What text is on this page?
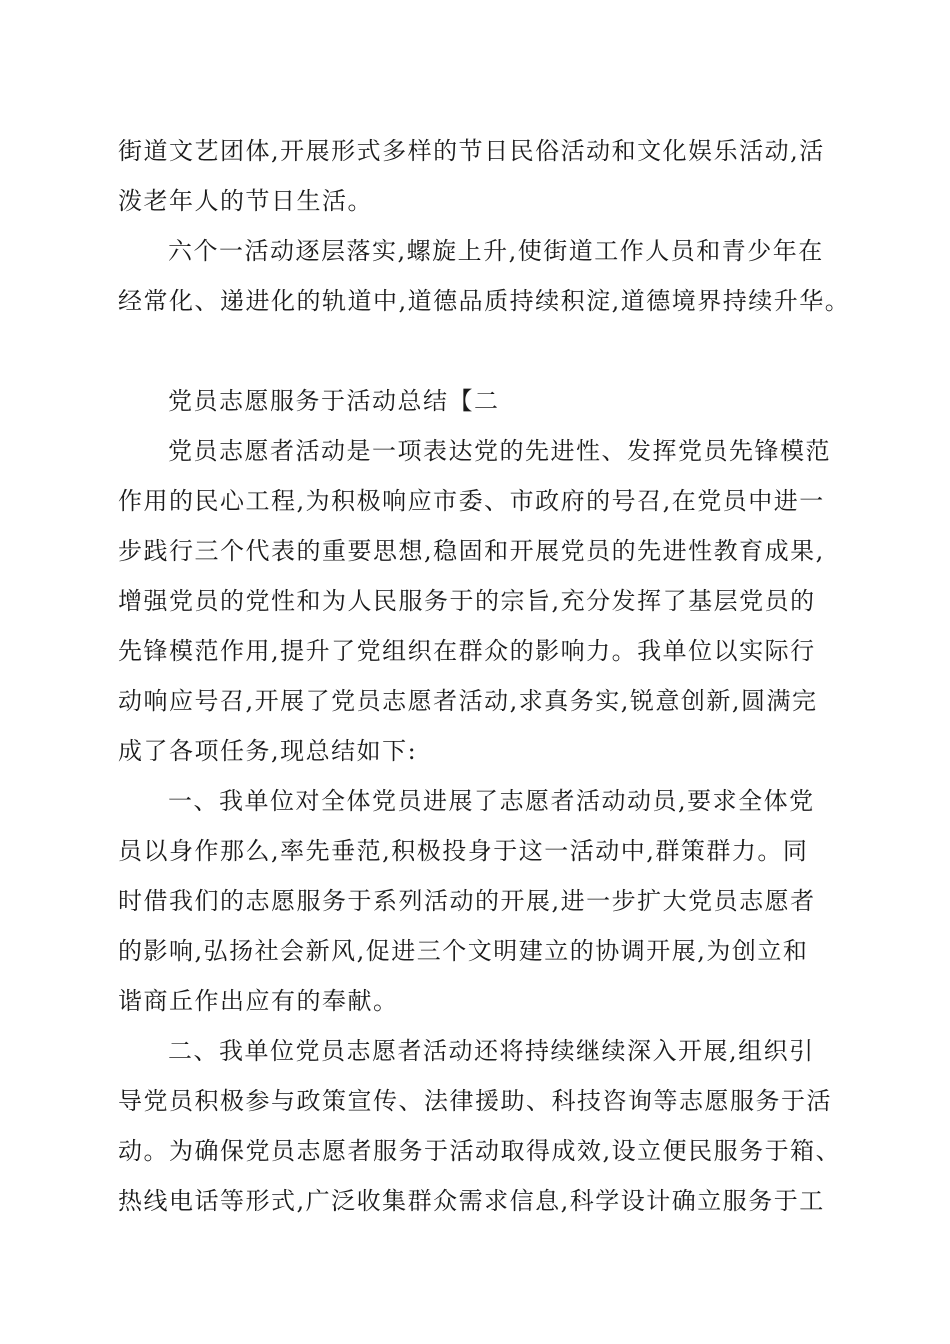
街道文艺团体,开展形式多样的节日民俗活动和文化娱乐活动,活
泼老年人的节日生活。
六个一活动逐层落实,螺旋上升,使街道工作人员和青少年在
经常化、递进化的轨道中,道德品质持续积淀,道德境界持续升华。
党员志愿服务于活动总结【二
党员志愿者活动是一项表达党的先进性、发挥党员先锋模范
作用的民心工程,为积极响应市委、市政府的号召,在党员中进一
步践行三个代表的重要思想,稳固和开展党员的先进性教育成果,
增强党员的党性和为人民服务于的宗旨,充分发挥了基层党员的
先锋模范作用,提升了党组织在群众的影响力。我单位以实际行
动响应号召,开展了党员志愿者活动,求真务实,锐意创新,圆满完
成了各项任务,现总结如下:
一、我单位对全体党员进展了志愿者活动动员,要求全体党
员以身作那么,率先垂范,积极投身于这一活动中,群策群力。同
时借我们的志愿服务于系列活动的开展,进一步扩大党员志愿者
的影响,弘扬社会新风,促进三个文明建立的协调开展,为创立和
谐商丘作出应有的奉献。
二、我单位党员志愿者活动还将持续继续深入开展,组织引
导党员积极参与政策宣传、法律援助、科技咨询等志愿服务于活
动。为确保党员志愿者服务于活动取得成效,设立便民服务于箱、
热线电话等形式,广泛收集群众需求信息,科学设计确立服务于工
